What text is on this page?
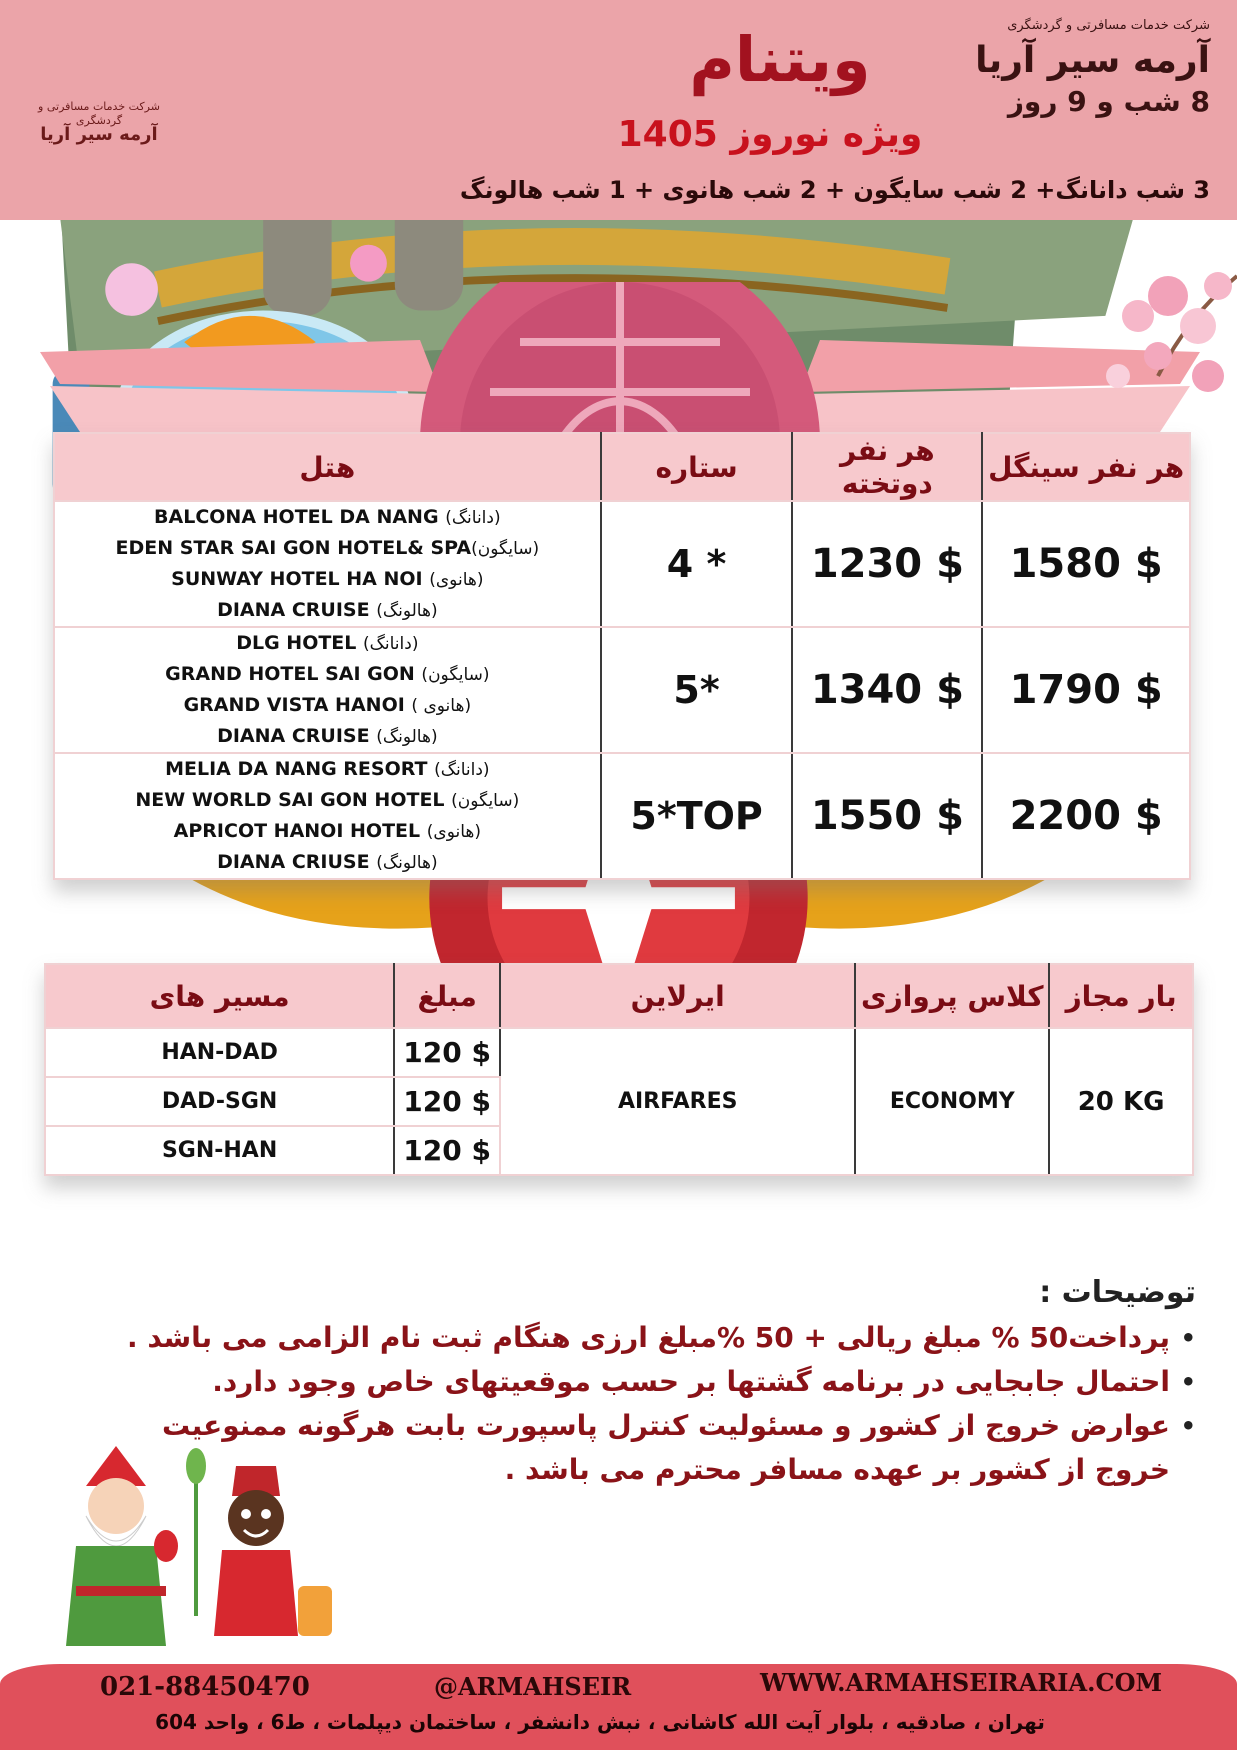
شرکت خدمات مسافرتی و گردشگری
آرمه سیر آریا
ویتنام
ویژه نوروز 1405
3 شب دانانگ+ 2 شب سایگون + 2 شب هانوی + 1 شب هالونگ
شرکت خدمات مسافرتی و گردشگری
آرمه سیر آریا
8 شب و 9 روز
هتل	ستاره	هر نفر دوتخته	هر نفر سینگل

BALCONA HOTEL DA NANG (دانانگ)
EDEN STAR SAI GON HOTEL& SPA(سایگون)
SUNWAY HOTEL HA NOI (هانوی)
DIANA CRUISE (هالونگ)	4 *	1230 $	1580 $

DLG HOTEL (دانانگ)
GRAND HOTEL SAI GON (سایگون)
GRAND VISTA HANOI ( هانوی)
DIANA CRUISE (هالونگ)	5*	1340 $	1790 $

MELIA DA NANG RESORT (دانانگ)
NEW WORLD SAI GON HOTEL (سایگون)
APRICOT HANOI HOTEL (هانوی)
DIANA CRIUSE (هالونگ)	5*TOP	1550 $	2200 $
مسیر های	مبلغ	ایرلاین	کلاس پروازی	بار مجاز
HAN-DAD	120 $	AIRFARES	ECONOMY	20 KG
DAD-SGN	120 $			
SGN-HAN	120 $			
توضیحات :
• پرداخت50 % مبلغ ریالی + 50 %مبلغ ارزی هنگام ثبت نام الزامی می باشد .
• احتمال جابجایی در برنامه گشتها بر حسب موقعیتهای خاص وجود دارد.
• عوارض خروج از کشور و مسئولیت کنترل پاسپورت بابت هرگونه ممنوعیت خروج از کشور بر عهده مسافر محترم می باشد .
021-88450470	@ARMAHSEIR	WWW.ARMAHSEIRARIA.COM
تهران ، صادقیه ، بلوار آیت الله کاشانی ، نبش دانشفر ، ساختمان دیپلمات ، ط6 ، واحد 604
